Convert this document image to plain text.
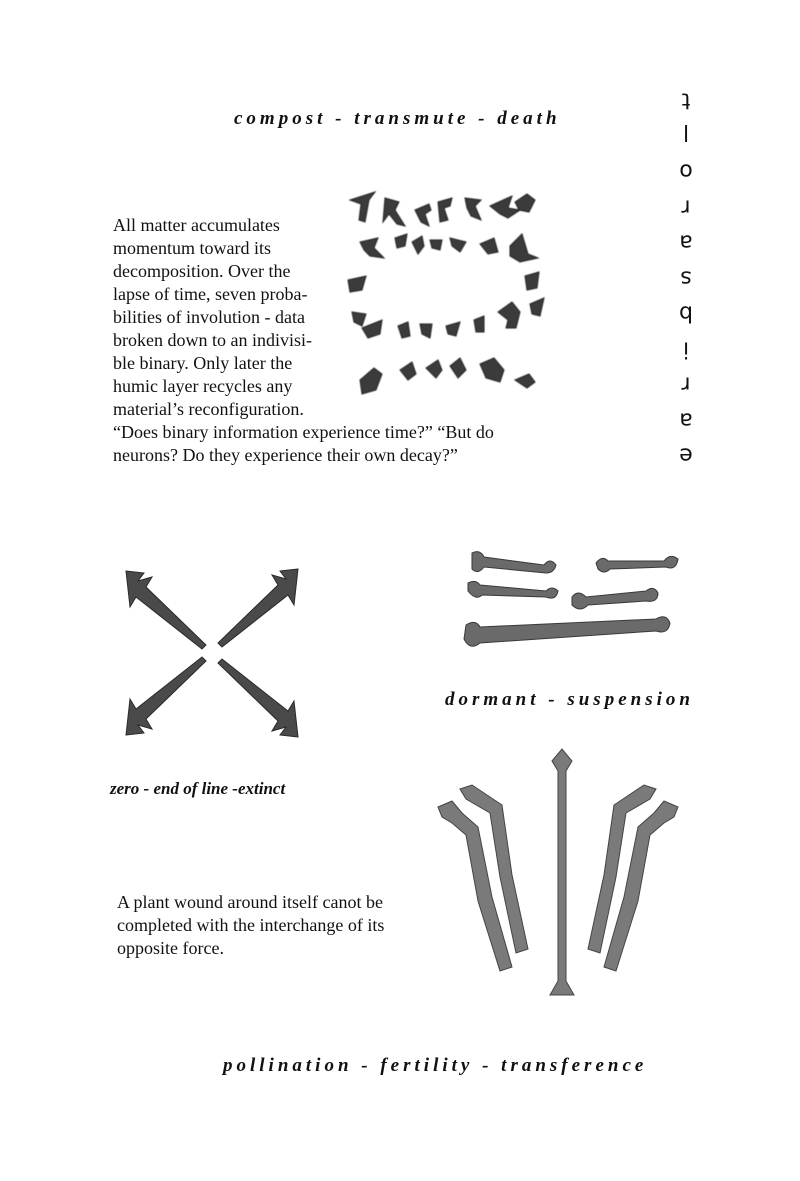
compost - transmute - death
t
l
o
r
a
s
b
i
r
a
e
All matter accumulates
momentum toward its
decomposition. Over the
lapse of time, seven proba-
bilities of involution - data
broken down to an indivisi-
ble binary. Only later the
humic layer recycles any
material’s reconfiguration.
“Does binary information experience time?” “But do
neurons? Do they experience their own decay?”
dormant - suspension
zero - end of line -extinct
A plant wound around itself canot be
completed with the interchange of its
opposite force.
pollination - fertility - transference
